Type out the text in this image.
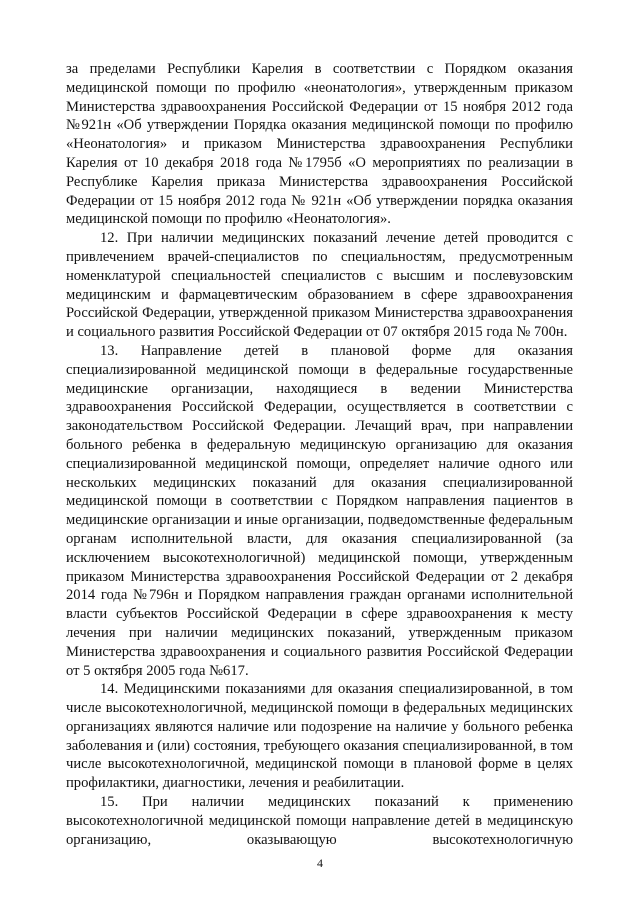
за пределами Республики Карелия в соответствии с Порядком оказания медицинской помощи по профилю «неонатология», утвержденным приказом Министерства здравоохранения Российской Федерации от 15 ноября 2012 года №921н «Об утверждении Порядка оказания медицинской помощи по профилю «Неонатология» и приказом Министерства здравоохранения Республики Карелия от 10 декабря 2018 года №1795б «О мероприятиях по реализации в Республике Карелия приказа Министерства здравоохранения Российской Федерации от 15 ноября 2012 года № 921н «Об утверждении порядка оказания медицинской помощи по профилю «Неонатология».

12. При наличии медицинских показаний лечение детей проводится с привлечением врачей-специалистов по специальностям, предусмотренным номенклатурой специальностей специалистов с высшим и послевузовским медицинским и фармацевтическим образованием в сфере здравоохранения Российской Федерации, утвержденной приказом Министерства здравоохранения и социального развития Российской Федерации от 07 октября 2015 года № 700н.

13. Направление детей в плановой форме для оказания специализированной медицинской помощи в федеральные государственные медицинские организации, находящиеся в ведении Министерства здравоохранения Российской Федерации, осуществляется в соответствии с законодательством Российской Федерации. Лечащий врач, при направлении больного ребенка в федеральную медицинскую организацию для оказания специализированной медицинской помощи, определяет наличие одного или нескольких медицинских показаний для оказания специализированной медицинской помощи в соответствии с Порядком направления пациентов в медицинские организации и иные организации, подведомственные федеральным органам исполнительной власти, для оказания специализированной (за исключением высокотехнологичной) медицинской помощи, утвержденным приказом Министерства здравоохранения Российской Федерации от 2 декабря 2014 года №796н и Порядком направления граждан органами исполнительной власти субъектов Российской Федерации в сфере здравоохранения к месту лечения при наличии медицинских показаний, утвержденным приказом Министерства здравоохранения и социального развития Российской Федерации от 5 октября 2005 года №617.

14. Медицинскими показаниями для оказания специализированной, в том числе высокотехнологичной, медицинской помощи в федеральных медицинских организациях являются наличие или подозрение на наличие у больного ребенка заболевания и (или) состояния, требующего оказания специализированной, в том числе высокотехнологичной, медицинской помощи в плановой форме в целях профилактики, диагностики, лечения и реабилитации.

15. При наличии медицинских показаний к применению высокотехнологичной медицинской помощи направление детей в медицинскую организацию, оказывающую высокотехнологичную

4
